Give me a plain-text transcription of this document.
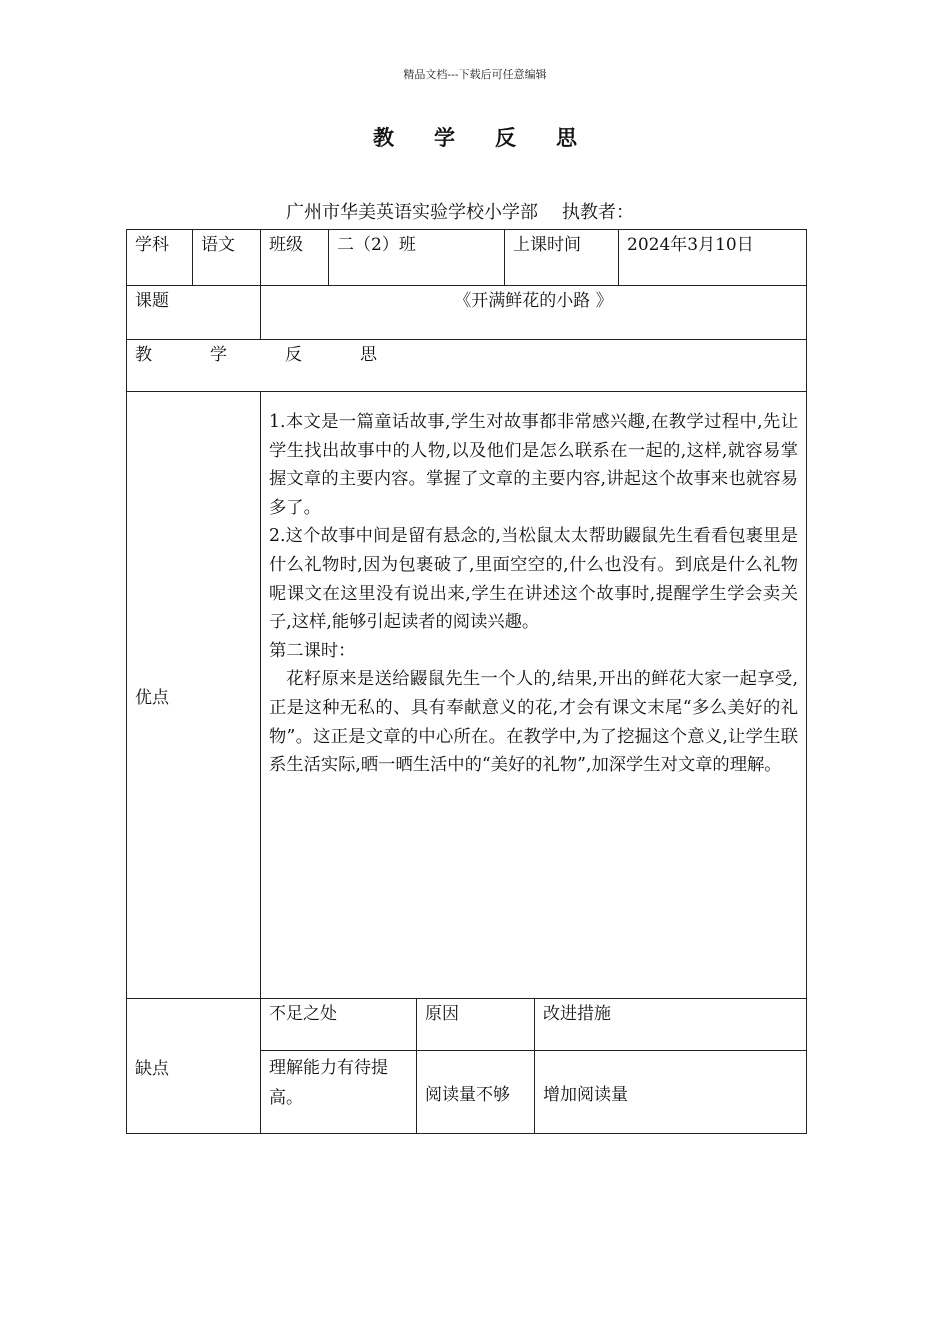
精品文档---下载后可任意编辑
教学反思
广州市华美英语实验学校小学部 执教者：
学科	语文	班级	二（2）班		上课时间		2024年3月10日
课题		《开满鲜花的小路 》					
教 学 反 思							
优点		1.本文是一篇童话故事,学生对故事都非常感兴趣,在教学过程中,先让学生找出故事中的人物,以及他们是怎么联系在一起的,这样,就容易掌握文章的主要内容。掌握了文章的主要内容,讲起这个故事来也就容易多了。

2.这个故事中间是留有悬念的,当松鼠太太帮助鼹鼠先生看看包裹里是什么礼物时,因为包裹破了,里面空空的,什么也没有。到底是什么礼物呢课文在这里没有说出来,学生在讲述这个故事时,提醒学生学会卖关子,这样,能够引起读者的阅读兴趣。

第二课时：

花籽原来是送给鼹鼠先生一个人的,结果,开出的鲜花大家一起享受,正是这种无私的、具有奉献意义的花,才会有课文末尾“多么美好的礼物”。这正是文章的中心所在。在教学中,为了挖掘这个意义,让学生联系生活实际,晒一晒生活中的“美好的礼物”,加深学生对文章的理解。					

缺点		不足之处		原因		改进措施	
		理解能力有待提高。		阅读量不够		增加阅读量	
